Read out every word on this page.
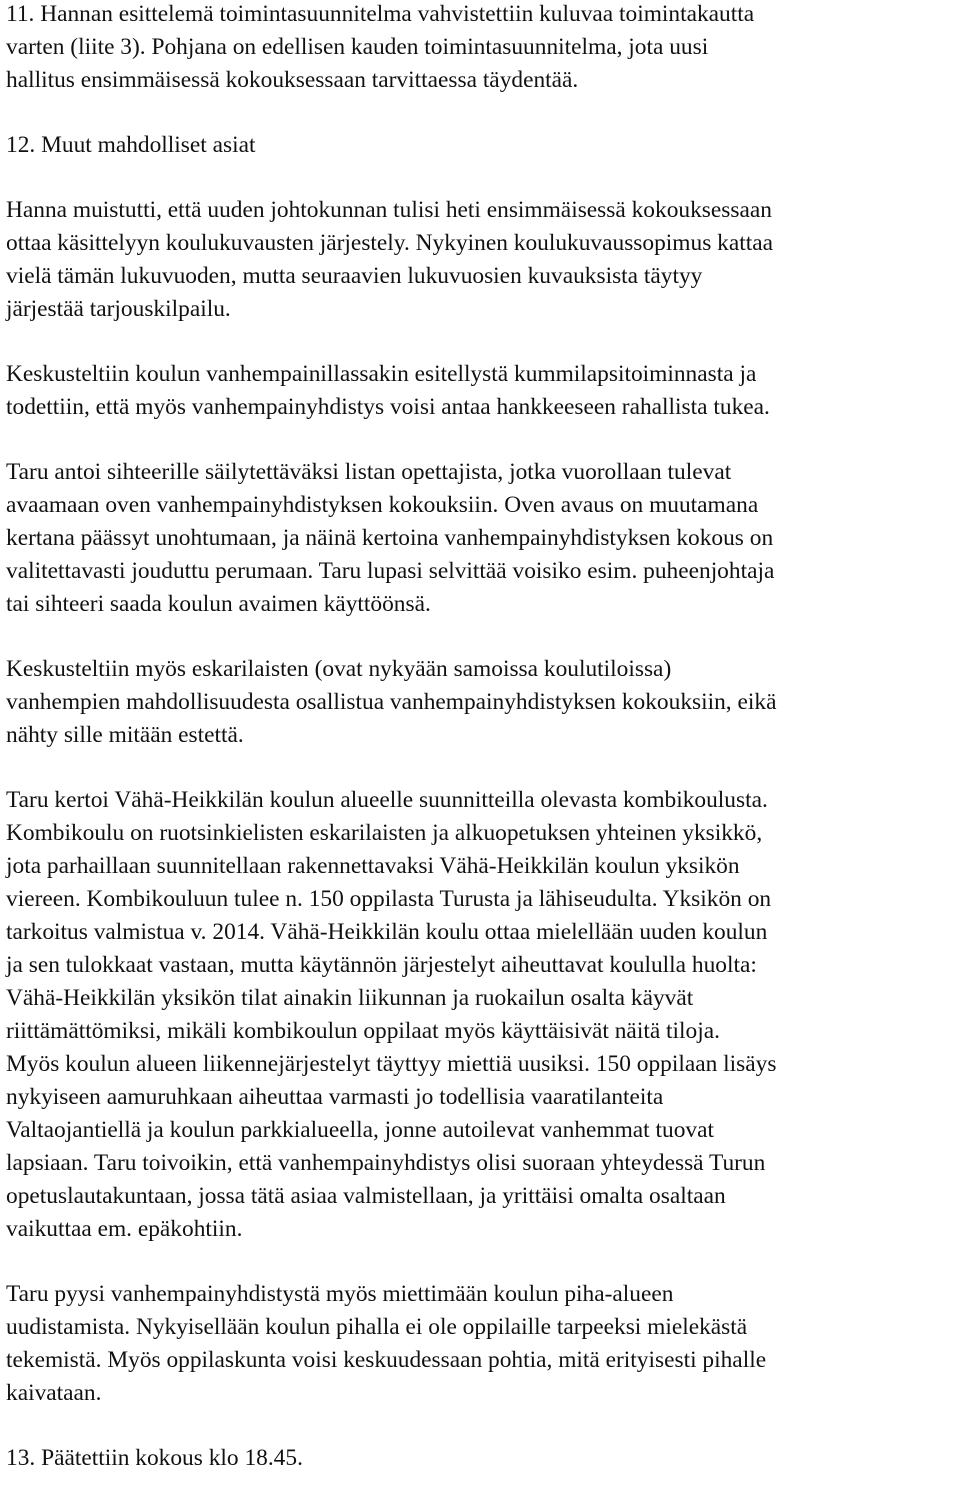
11. Hannan esittelemä toimintasuunnitelma vahvistettiin kuluvaa toimintakautta
varten (liite 3). Pohjana on edellisen kauden toimintasuunnitelma, jota uusi
hallitus ensimmäisessä kokouksessaan tarvittaessa täydentää.
12. Muut mahdolliset asiat
Hanna muistutti, että uuden johtokunnan tulisi heti ensimmäisessä kokouksessaan
ottaa käsittelyyn koulukuvausten järjestely. Nykyinen koulukuvaussopimus kattaa
vielä tämän lukuvuoden, mutta seuraavien lukuvuosien kuvauksista täytyy
järjestää tarjouskilpailu.
Keskusteltiin koulun vanhempainillassakin esitellystä kummilapsitoiminnasta ja
todettiin, että myös vanhempainyhdistys voisi antaa hankkeeseen rahallista tukea.
Taru antoi sihteerille säilytettäväksi listan opettajista, jotka vuorollaan tulevat
avaamaan oven vanhempainyhdistyksen kokouksiin. Oven avaus on muutamana
kertana päässyt unohtumaan, ja näinä kertoina vanhempainyhdistyksen kokous on
valitettavasti jouduttu perumaan. Taru lupasi selvittää voisiko esim. puheenjohtaja
tai sihteeri saada koulun avaimen käyttöönsä.
Keskusteltiin myös eskarilaisten (ovat nykyään samoissa koulutiloissa)
vanhempien mahdollisuudesta osallistua vanhempainyhdistyksen kokouksiin, eikä
nähty sille mitään estettä.
Taru kertoi Vähä-Heikkilän koulun alueelle suunnitteilla olevasta kombikoulusta.
Kombikoulu on ruotsinkielisten eskarilaisten ja alkuopetuksen yhteinen yksikkö,
jota parhaillaan suunnitellaan rakennettavaksi Vähä-Heikkilän koulun yksikön
viereen. Kombikouluun tulee n. 150 oppilasta Turusta ja lähiseudulta. Yksikön on
tarkoitus valmistua v. 2014. Vähä-Heikkilän koulu ottaa mielellään uuden koulun
ja sen tulokkaat vastaan, mutta käytännön järjestelyt aiheuttavat koululla huolta:
Vähä-Heikkilän yksikön tilat ainakin liikunnan ja ruokailun osalta käyvät
riittämättömiksi, mikäli kombikoulun oppilaat myös käyttäisivät näitä tiloja.
Myös koulun alueen liikennejärjestelyt täyttyy miettiä uusiksi. 150 oppilaan lisäys
nykyiseen aamuruhkaan aiheuttaa varmasti jo todellisia vaaratilanteita
Valtaojantiellä ja koulun parkkialueella, jonne autoilevat vanhemmat tuovat
lapsiaan. Taru toivoikin, että vanhempainyhdistys olisi suoraan yhteydessä Turun
opetuslautakuntaan, jossa tätä asiaa valmistellaan, ja yrittäisi omalta osaltaan
vaikuttaa em. epäkohtiin.
Taru pyysi vanhempainyhdistystä myös miettimään koulun piha-alueen
uudistamista. Nykyisellään koulun pihalla ei ole oppilaille tarpeeksi mielekästä
tekemistä. Myös oppilaskunta voisi keskuudessaan pohtia, mitä erityisesti pihalle
kaivataan.
13. Päätettiin kokous klo 18.45.
